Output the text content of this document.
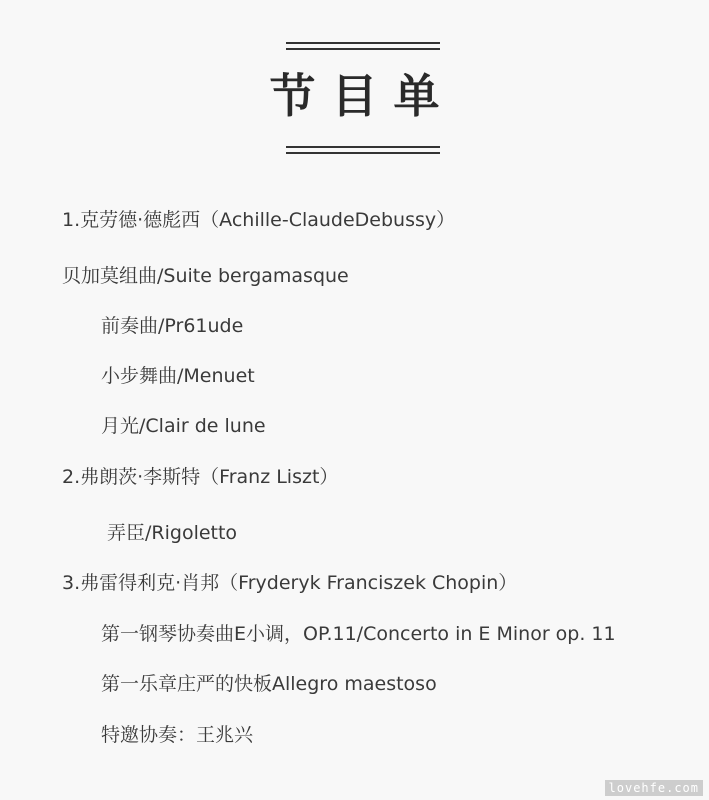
节目单
1.克劳德·德彪西（Achille-ClaudeDebussy）
贝加莫组曲/Suite bergamasque
前奏曲/Pr61ude
小步舞曲/Menuet
月光/Clair de lune
2.弗朗茨·李斯特（Franz Liszt）
弄臣/Rigoletto
3.弗雷得利克·肖邦（Fryderyk Franciszek Chopin）
第一钢琴协奏曲E小调，OP.11/Concerto in E Minor op. 11
第一乐章庄严的快板Allegro maestoso
特邀协奏：王兆兴
lovehfe.com
